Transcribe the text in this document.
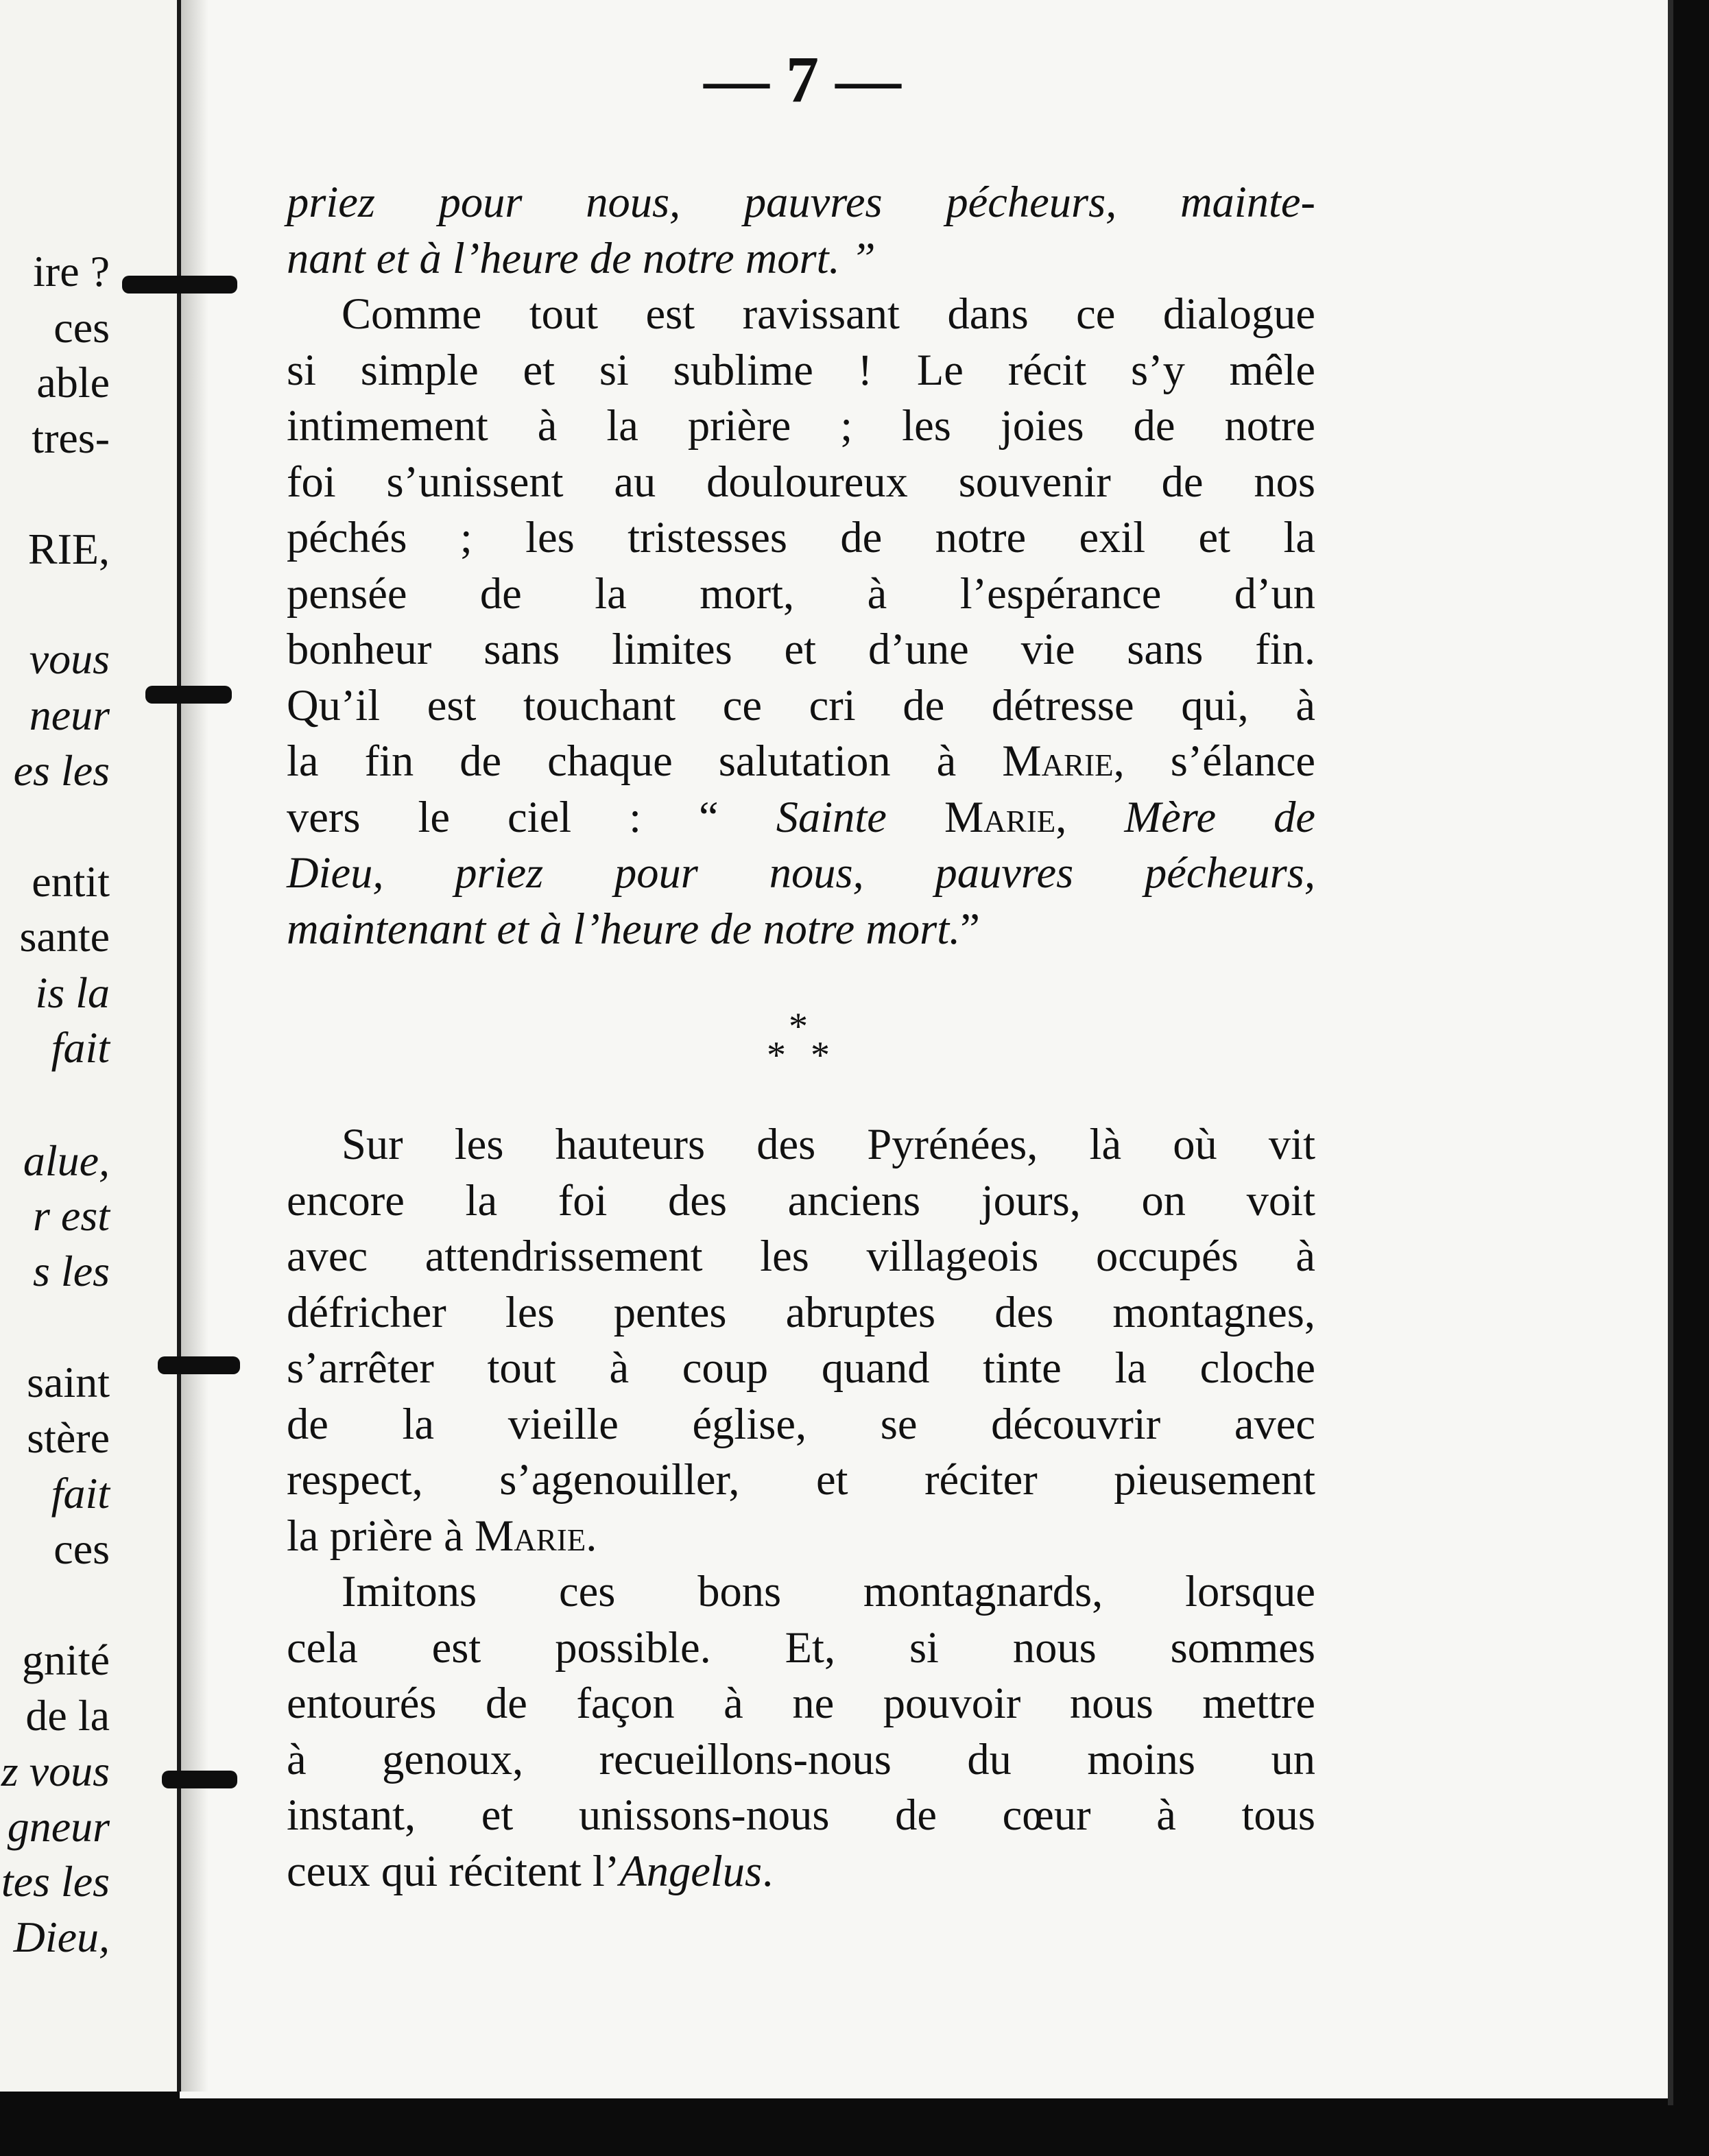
ire ?
ces
able
tres-
RIE,
vous
neur
es les
entit
sante
is la
fait
alue,
r est
s les
saint
stère
fait
ces
gnité
de la
z vous
gneur
tes les
Dieu,
— 7 —
priez pour nous, pauvres pécheurs, mainte-
nant et à l’heure de notre mort. ”
Comme tout est ravissant dans ce dialogue
si simple et si sublime ! Le récit s’y mêle
intimement à la prière ; les joies de notre
foi s’unissent au douloureux souvenir de nos
péchés ; les tristesses de notre exil et la
pensée de la mort, à l’espérance d’un
bonheur sans limites et d’une vie sans fin.
Qu’il est touchant ce cri de détresse qui, à
la fin de chaque salutation à Marie, s’élance
vers le ciel : “ Sainte Marie, Mère de
Dieu, priez pour nous, pauvres pécheurs,
maintenant et à l’heure de notre mort.”
*
* *
Sur les hauteurs des Pyrénées, là où vit
encore la foi des anciens jours, on voit
avec attendrissement les villageois occupés à
défricher les pentes abruptes des montagnes,
s’arrêter tout à coup quand tinte la cloche
de la vieille église, se découvrir avec
respect, s’agenouiller, et réciter pieusement
la prière à Marie.
Imitons ces bons montagnards, lorsque
cela est possible. Et, si nous sommes
entourés de façon à ne pouvoir nous mettre
à genoux, recueillons-nous du moins un
instant, et unissons-nous de cœur à tous
ceux qui récitent l’Angelus.
